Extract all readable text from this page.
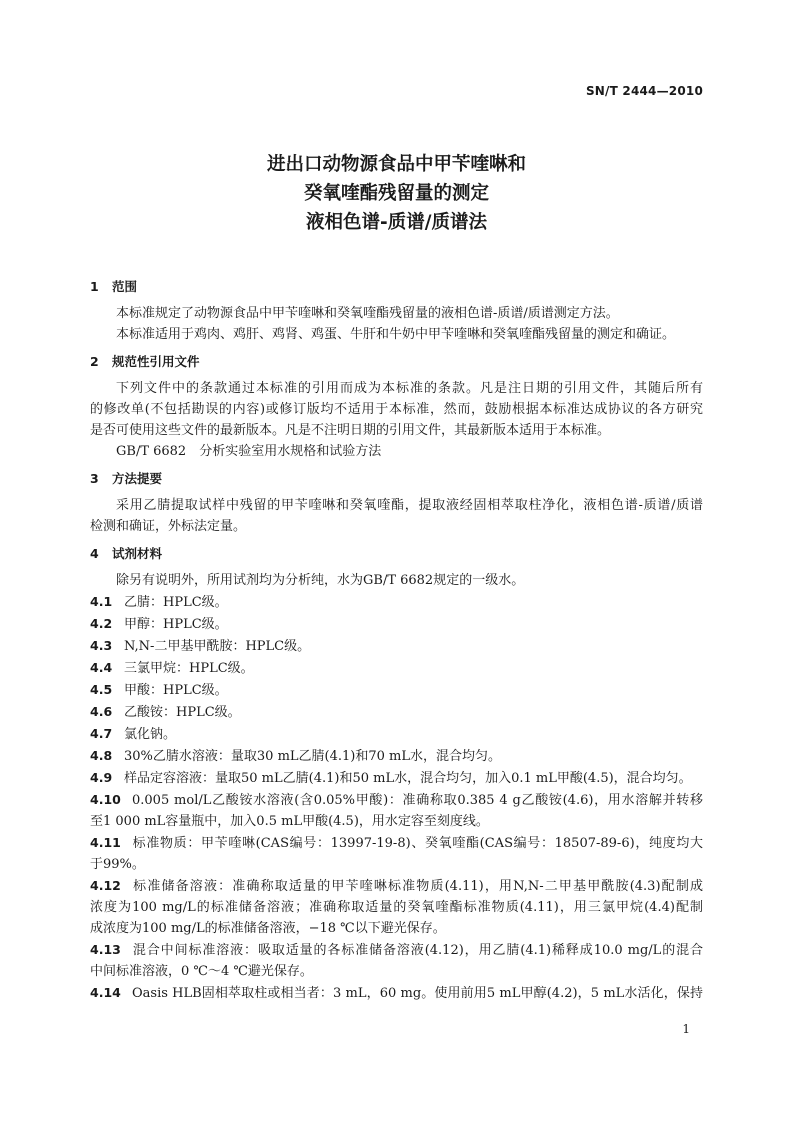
SN/T 2444—2010
进出口动物源食品中甲苄喹啉和
癸氧喹酯残留量的测定
液相色谱-质谱/质谱法
1 范围
本标准规定了动物源食品中甲苄喹啉和癸氧喹酯残留量的液相色谱-质谱/质谱测定方法。
本标准适用于鸡肉、鸡肝、鸡肾、鸡蛋、牛肝和牛奶中甲苄喹啉和癸氧喹酯残留量的测定和确证。
2 规范性引用文件
下列文件中的条款通过本标准的引用而成为本标准的条款。凡是注日期的引用文件，其随后所有
的修改单(不包括勘误的内容)或修订版均不适用于本标准，然而，鼓励根据本标准达成协议的各方研究
是否可使用这些文件的最新版本。凡是不注明日期的引用文件，其最新版本适用于本标准。
GB/T 6682　分析实验室用水规格和试验方法
3 方法提要
采用乙腈提取试样中残留的甲苄喹啉和癸氧喹酯，提取液经固相萃取柱净化，液相色谱-质谱/质谱
检测和确证，外标法定量。
4 试剂材料
除另有说明外，所用试剂均为分析纯，水为GB/T 6682规定的一级水。
4.1 乙腈：HPLC级。
4.2 甲醇：HPLC级。
4.3 N,N-二甲基甲酰胺：HPLC级。
4.4 三氯甲烷：HPLC级。
4.5 甲酸：HPLC级。
4.6 乙酸铵：HPLC级。
4.7 氯化钠。
4.8 30%乙腈水溶液：量取30 mL乙腈(4.1)和70 mL水，混合均匀。
4.9 样品定容溶液：量取50 mL乙腈(4.1)和50 mL水，混合均匀，加入0.1 mL甲酸(4.5)，混合均匀。
4.10 0.005 mol/L乙酸铵水溶液(含0.05%甲酸)：准确称取0.385 4 g乙酸铵(4.6)，用水溶解并转移
至1 000 mL容量瓶中，加入0.5 mL甲酸(4.5)，用水定容至刻度线。
4.11 标准物质：甲苄喹啉(CAS编号：13997-19-8)、癸氧喹酯(CAS编号：18507-89-6)，纯度均大
于99%。
4.12 标准储备溶液：准确称取适量的甲苄喹啉标准物质(4.11)，用N,N-二甲基甲酰胺(4.3)配制成
浓度为100 mg/L的标准储备溶液；准确称取适量的癸氧喹酯标准物质(4.11)，用三氯甲烷(4.4)配制
成浓度为100 mg/L的标准储备溶液，−18 ℃以下避光保存。
4.13 混合中间标准溶液：吸取适量的各标准储备溶液(4.12)，用乙腈(4.1)稀释成10.0 mg/L的混合
中间标准溶液，0 ℃～4 ℃避光保存。
4.14 Oasis HLB固相萃取柱或相当者：3 mL，60 mg。使用前用5 mL甲醇(4.2)，5 mL水活化，保持
1
